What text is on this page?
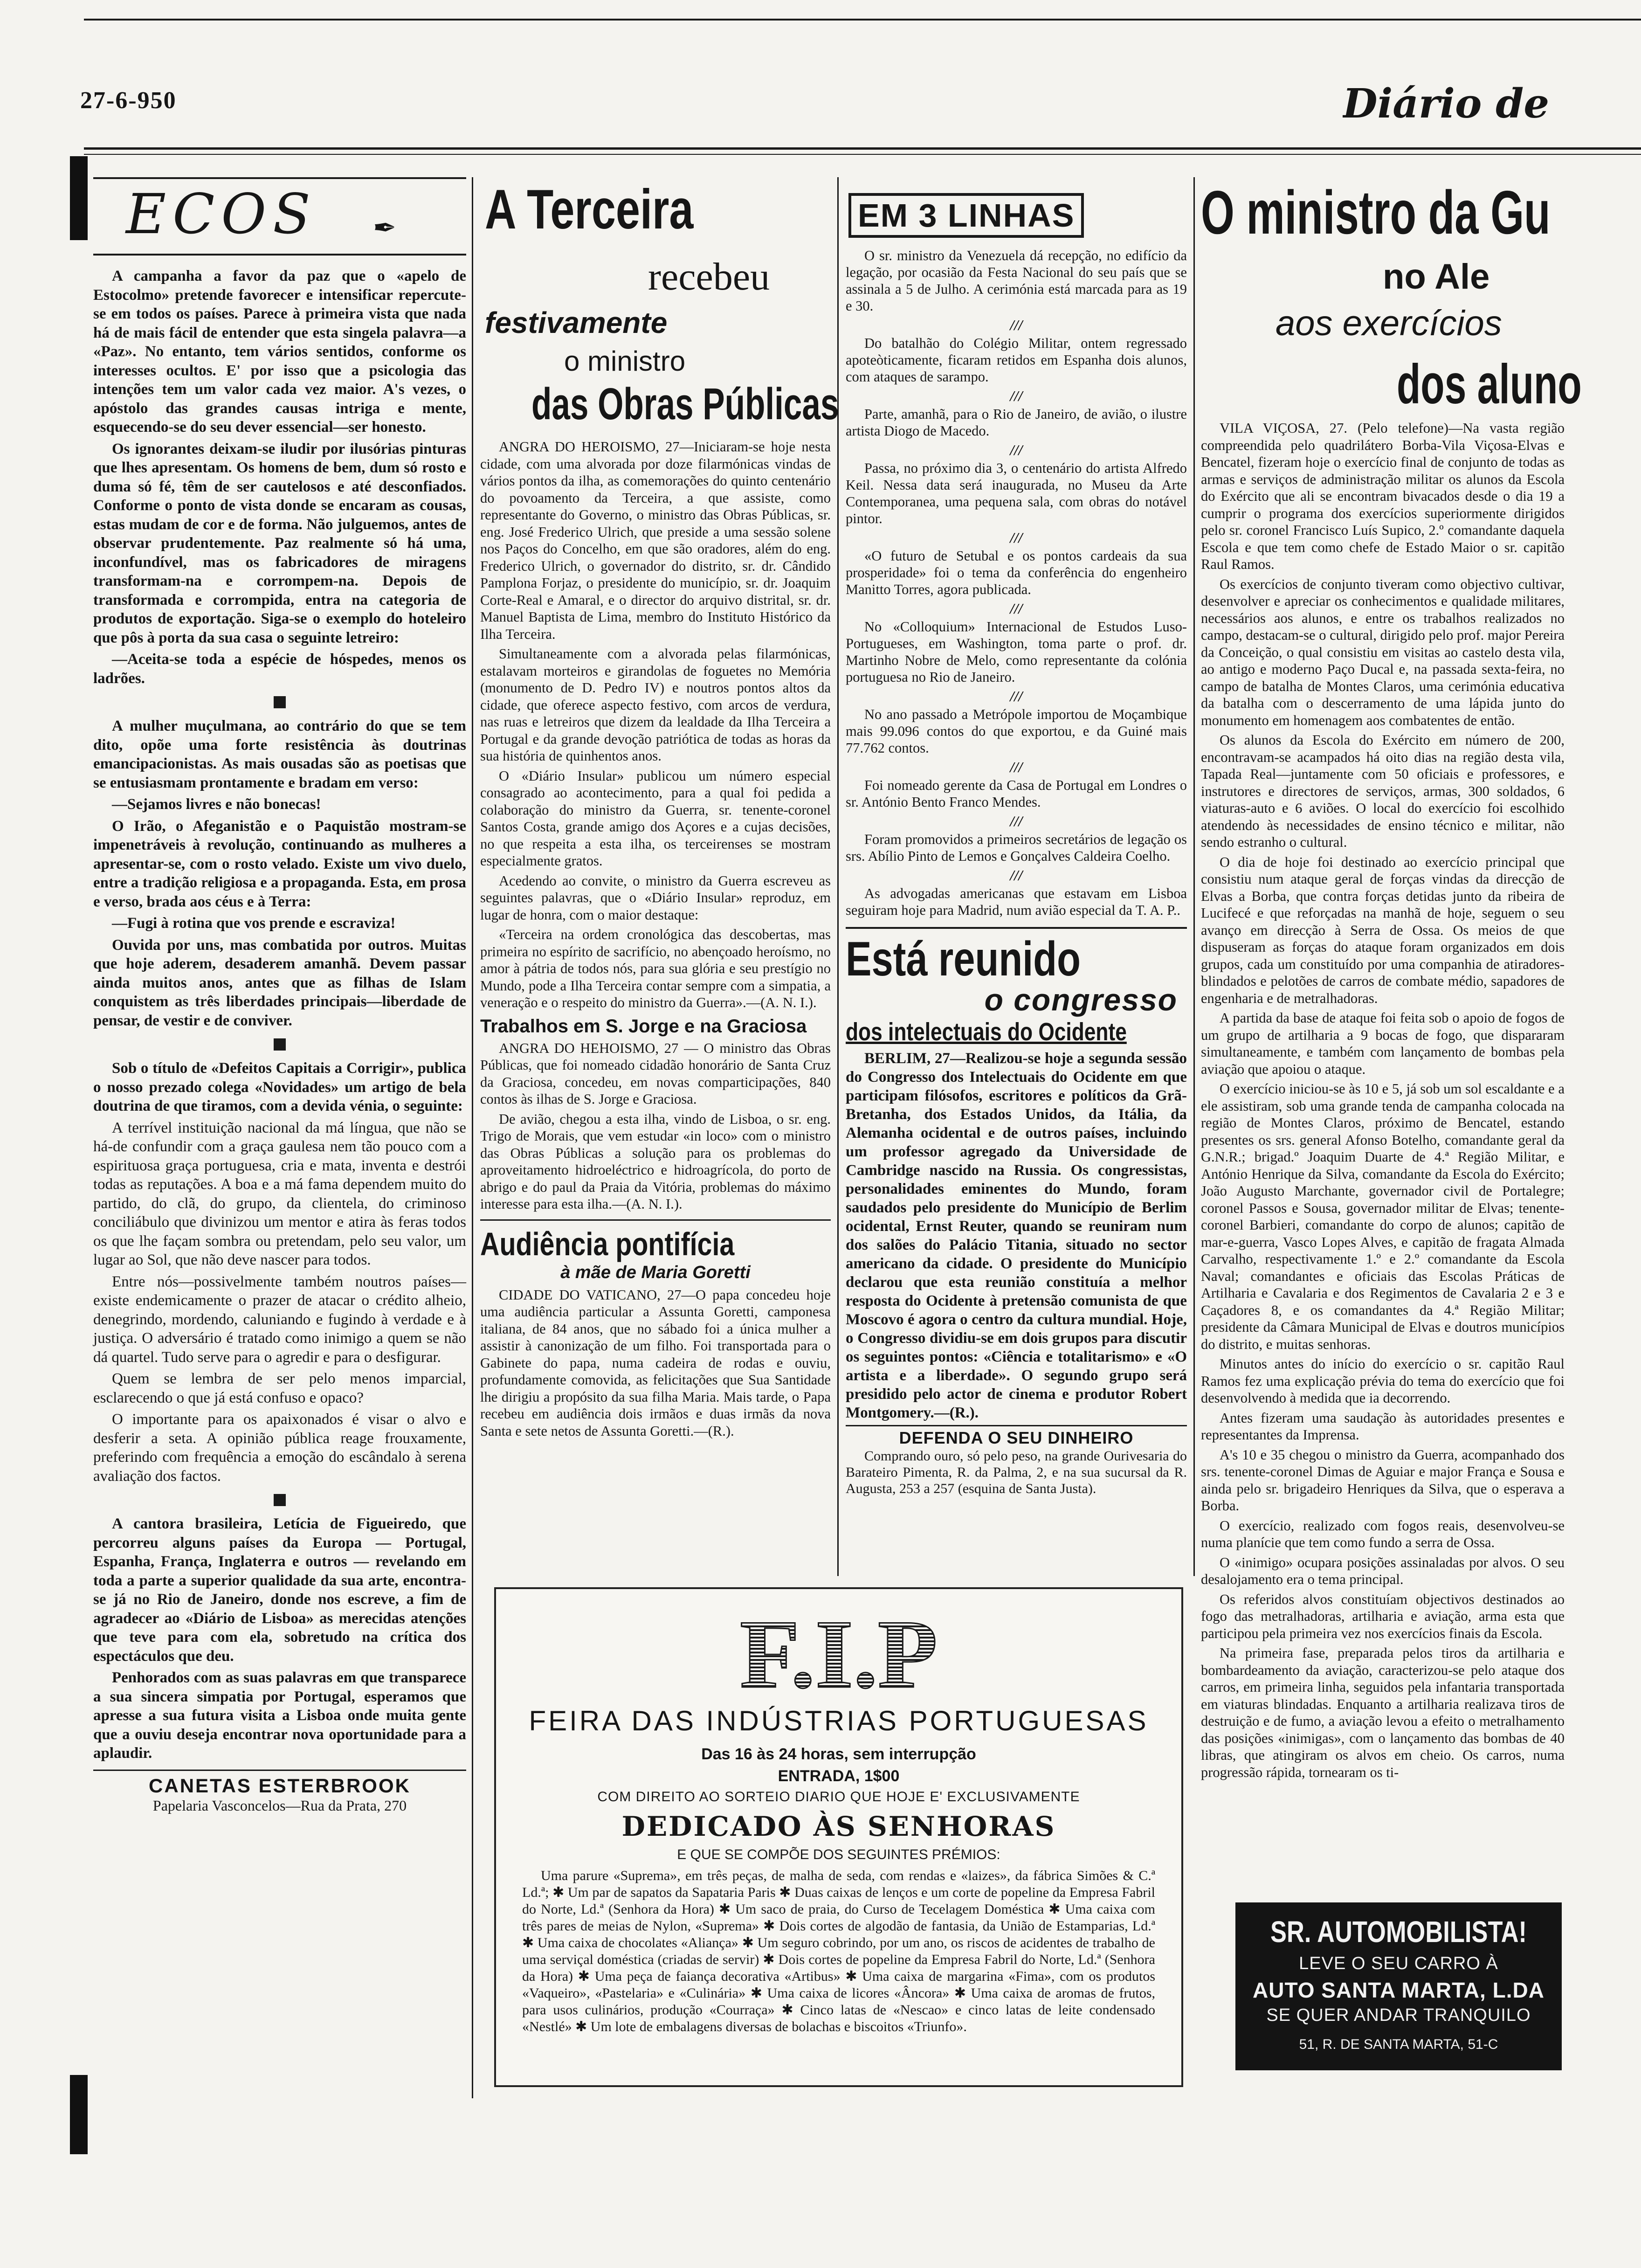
27-6-950	Diário de
ECOS ✒

A campanha a favor da paz que o «apelo de Estocolmo» pretende favorecer e intensificar repercute-se em todos os países. Parece à primeira vista que nada há de mais fácil de entender que esta singela palavra—a «Paz». No entanto, tem vários sentidos, conforme os interesses ocultos. E' por isso que a psicologia das intenções tem um valor cada vez maior. A's vezes, o apóstolo das grandes causas intriga e mente, esquecendo-se do seu dever essencial—ser honesto.

Os ignorantes deixam-se iludir por ilusórias pinturas que lhes apresentam. Os homens de bem, dum só rosto e duma só fé, têm de ser cautelosos e até desconfiados. Conforme o ponto de vista donde se encaram as cousas, estas mudam de cor e de forma. Não julguemos, antes de observar prudentemente. Paz realmente só há uma, inconfundível, mas os fabricadores de miragens transformam-na e corrompem-na. Depois de transformada e corrompida, entra na categoria de produtos de exportação. Siga-se o exemplo do hoteleiro que pôs à porta da sua casa o seguinte letreiro:

—Aceita-se toda a espécie de hóspedes, menos os ladrões.

A mulher muçulmana, ao contrário do que se tem dito, opõe uma forte resistência às doutrinas emancipacionistas. As mais ousadas são as poetisas que se entusiasmam prontamente e bradam em verso:

—Sejamos livres e não bonecas!

O Irão, o Afeganistão e o Paquistão mostram-se impenetráveis à revolução, continuando as mulheres a apresentar-se, com o rosto velado. Existe um vivo duelo, entre a tradição religiosa e a propaganda. Esta, em prosa e verso, brada aos céus e à Terra:

—Fugi à rotina que vos prende e escraviza!

Ouvida por uns, mas combatida por outros. Muitas que hoje aderem, desaderem amanhã. Devem passar ainda muitos anos, antes que as filhas de Islam conquistem as três liberdades principais—liberdade de pensar, de vestir e de conviver.

Sob o título de «Defeitos Capitais a Corrigir», publica o nosso prezado colega «Novidades» um artigo de bela doutrina de que tiramos, com a devida vénia, o seguinte:

A terrível instituição nacional da má língua, que não se há-de confundir com a graça gaulesa nem tão pouco com a espirituosa graça portuguesa, cria e mata, inventa e destrói todas as reputações. A boa e a má fama dependem muito do partido, do clã, do grupo, da clientela, do criminoso conciliábulo que divinizou um mentor e atira às feras todos os que lhe façam sombra ou pretendam, pelo seu valor, um lugar ao Sol, que não deve nascer para todos.

Entre nós—possivelmente também noutros países—existe endemicamente o prazer de atacar o crédito alheio, denegrindo, mordendo, caluniando e fugindo à verdade e à justiça. O adversário é tratado como inimigo a quem se não dá quartel. Tudo serve para o agredir e para o desfigurar.

Quem se lembra de ser pelo menos imparcial, esclarecendo o que já está confuso e opaco?

O importante para os apaixonados é visar o alvo e desferir a seta. A opinião pública reage frouxamente, preferindo com frequência a emoção do escândalo à serena avaliação dos factos.

A cantora brasileira, Letícia de Figueiredo, que percorreu alguns países da Europa — Portugal, Espanha, França, Inglaterra e outros — revelando em toda a parte a superior qualidade da sua arte, encontra-se já no Rio de Janeiro, donde nos escreve, a fim de agradecer ao «Diário de Lisboa» as merecidas atenções que teve para com ela, sobretudo na crítica dos espectáculos que deu.

Penhorados com as suas palavras em que transparece a sua sincera simpatia por Portugal, esperamos que apresse a sua futura visita a Lisboa onde muita gente que a ouviu deseja encontrar nova oportunidade para a aplaudir.

CANETAS ESTERBROOK
Papelaria Vasconcelos—Rua da Prata, 270
A Terceira
recebeu
festivamente
o ministro
das Obras Públicas

ANGRA DO HEROISMO, 27—Iniciaram-se hoje nesta cidade, com uma alvorada por doze filarmónicas vindas de vários pontos da ilha, as comemorações do quinto centenário do povoamento da Terceira, a que assiste, como representante do Governo, o ministro das Obras Públicas, sr. eng. José Frederico Ulrich, que preside a uma sessão solene nos Paços do Concelho, em que são oradores, além do eng. Frederico Ulrich, o governador do distrito, sr. dr. Cândido Pamplona Forjaz, o presidente do município, sr. dr. Joaquim Corte-Real e Amaral, e o director do arquivo distrital, sr. dr. Manuel Baptista de Lima, membro do Instituto Histórico da Ilha Terceira.

Simultaneamente com a alvorada pelas filarmónicas, estalavam morteiros e girandolas de foguetes no Memória (monumento de D. Pedro IV) e noutros pontos altos da cidade, que oferece aspecto festivo, com arcos de verdura, nas ruas e letreiros que dizem da lealdade da Ilha Terceira a Portugal e da grande devoção patriótica de todas as horas da sua história de quinhentos anos.

O «Diário Insular» publicou um número especial consagrado ao acontecimento, para a qual foi pedida a colaboração do ministro da Guerra, sr. tenente-coronel Santos Costa, grande amigo dos Açores e a cujas decisões, no que respeita a esta ilha, os terceirenses se mostram especialmente gratos.

Acedendo ao convite, o ministro da Guerra escreveu as seguintes palavras, que o «Diário Insular» reproduz, em lugar de honra, com o maior destaque:

«Terceira na ordem cronológica das descobertas, mas primeira no espírito de sacrifício, no abençoado heroísmo, no amor à pátria de todos nós, para sua glória e seu prestígio no Mundo, pode a Ilha Terceira contar sempre com a simpatia, a veneração e o respeito do ministro da Guerra».—(A. N. I.).

Trabalhos em S. Jorge e na Graciosa

ANGRA DO HEHOISMO, 27 — O ministro das Obras Públicas, que foi nomeado cidadão honorário de Santa Cruz da Graciosa, concedeu, em novas comparticipações, 840 contos às ilhas de S. Jorge e Graciosa.

De avião, chegou a esta ilha, vindo de Lisboa, o sr. eng. Trigo de Morais, que vem estudar «in loco» com o ministro das Obras Públicas a solução para os problemas do aproveitamento hidroeléctrico e hidroagrícola, do porto de abrigo e do paul da Praia da Vitória, problemas do máximo interesse para esta ilha.—(A. N. I.).

Audiência pontifícia
à mãe de Maria Goretti

CIDADE DO VATICANO, 27—O papa concedeu hoje uma audiência particular a Assunta Goretti, camponesa italiana, de 84 anos, que no sábado foi a única mulher a assistir à canonização de um filho. Foi transportada para o Gabinete do papa, numa cadeira de rodas e ouviu, profundamente comovida, as felicitações que Sua Santidade lhe dirigiu a propósito da sua filha Maria. Mais tarde, o Papa recebeu em audiência dois irmãos e duas irmãs da nova Santa e sete netos de Assunta Goretti.—(R.).

EM 3 LINHAS

O sr. ministro da Venezuela dá recepção, no edifício da legação, por ocasião da Festa Nacional do seu país que se assinala a 5 de Julho. A cerimónia está marcada para as 19 e 30.

///

Do batalhão do Colégio Militar, ontem regressado apoteòticamente, ficaram retidos em Espanha dois alunos, com ataques de sarampo.

///

Parte, amanhã, para o Rio de Janeiro, de avião, o ilustre artista Diogo de Macedo.

///

Passa, no próximo dia 3, o centenário do artista Alfredo Keil. Nessa data será inaugurada, no Museu da Arte Contemporanea, uma pequena sala, com obras do notável pintor.

///

«O futuro de Setubal e os pontos cardeais da sua prosperidade» foi o tema da conferência do engenheiro Manitto Torres, agora publicada.

///

No «Colloquium» Internacional de Estudos Luso-Portugueses, em Washington, toma parte o prof. dr. Martinho Nobre de Melo, como representante da colónia portuguesa no Rio de Janeiro.

///

No ano passado a Metrópole importou de Moçambique mais 99.096 contos do que exportou, e da Guiné mais 77.762 contos.

///

Foi nomeado gerente da Casa de Portugal em Londres o sr. António Bento Franco Mendes.

///

Foram promovidos a primeiros secretários de legação os srs. Abílio Pinto de Lemos e Gonçalves Caldeira Coelho.

///

As advogadas americanas que estavam em Lisboa seguiram hoje para Madrid, num avião especial da T. A. P..

Está reunido
o congresso
dos intelectuais do Ocidente

BERLIM, 27—Realizou-se hoje a segunda sessão do Congresso dos Intelectuais do Ocidente em que participam filósofos, escritores e políticos da Grã-Bretanha, dos Estados Unidos, da Itália, da Alemanha ocidental e de outros países, incluindo um professor agregado da Universidade de Cambridge nascido na Russia. Os congressistas, personalidades eminentes do Mundo, foram saudados pelo presidente do Município de Berlim ocidental, Ernst Reuter, quando se reuniram num dos salões do Palácio Titania, situado no sector americano da cidade. O presidente do Município declarou que esta reunião constituía a melhor resposta do Ocidente à pretensão comunista de que Moscovo é agora o centro da cultura mundial. Hoje, o Congresso dividiu-se em dois grupos para discutir os seguintes pontos: «Ciência e totalitarismo» e «O artista e a liberdade». O segundo grupo será presidido pelo actor de cinema e produtor Robert Montgomery.—(R.).

DEFENDA O SEU DINHEIRO

Comprando ouro, só pelo peso, na grande Ourivesaria do Barateiro Pimenta, R. da Palma, 2, e na sua sucursal da R. Augusta, 253 a 257 (esquina de Santa Justa).

O ministro da Gu
no Ale
aos exercícios
dos aluno

VILA VIÇOSA, 27. (Pelo telefone)—Na vasta região compreendida pelo quadrilátero Borba-Vila Viçosa-Elvas e Bencatel, fizeram hoje o exercício final de conjunto de todas as armas e serviços de administração militar os alunos da Escola do Exército que ali se encontram bivacados desde o dia 19 a cumprir o programa dos exercícios superiormente dirigidos pelo sr. coronel Francisco Luís Supico, 2.º comandante daquela Escola e que tem como chefe de Estado Maior o sr. capitão Raul Ramos.

Os exercícios de conjunto tiveram como objectivo cultivar, desenvolver e apreciar os conhecimentos e qualidade militares, necessários aos alunos, e entre os trabalhos realizados no campo, destacam-se o cultural, dirigido pelo prof. major Pereira da Conceição, o qual consistiu em visitas ao castelo desta vila, ao antigo e moderno Paço Ducal e, na passada sexta-feira, no campo de batalha de Montes Claros, uma cerimónia educativa da batalha com o descerramento de uma lápida junto do monumento em homenagem aos combatentes de então.

Os alunos da Escola do Exército em número de 200, encontravam-se acampados há oito dias na região desta vila, Tapada Real—juntamente com 50 oficiais e professores, e instrutores e directores de serviços, armas, 300 soldados, 6 viaturas-auto e 6 aviões. O local do exercício foi escolhido atendendo às necessidades de ensino técnico e militar, não sendo estranho o cultural.

O dia de hoje foi destinado ao exercício principal que consistiu num ataque geral de forças vindas da direcção de Elvas a Borba, que contra forças detidas junto da ribeira de Lucifecé e que reforçadas na manhã de hoje, seguem o seu avanço em direcção à Serra de Ossa. Os meios de que dispuseram as forças do ataque foram organizados em dois grupos, cada um constituído por uma companhia de atiradores-blindados e pelotões de carros de combate médio, sapadores de engenharia e de metralhadoras.

A partida da base de ataque foi feita sob o apoio de fogos de um grupo de artilharia a 9 bocas de fogo, que dispararam simultaneamente, e também com lançamento de bombas pela aviação que apoiou o ataque.

O exercício iniciou-se às 10 e 5, já sob um sol escaldante e a ele assistiram, sob uma grande tenda de campanha colocada na região de Montes Claros, próximo de Bencatel, estando presentes os srs. general Afonso Botelho, comandante geral da G.N.R.; brigad.º Joaquim Duarte de 4.ª Região Militar, e António Henrique da Silva, comandante da Escola do Exército; João Augusto Marchante, governador civil de Portalegre; coronel Passos e Sousa, governador militar de Elvas; tenente-coronel Barbieri, comandante do corpo de alunos; capitão de mar-e-guerra, Vasco Lopes Alves, e capitão de fragata Almada Carvalho, respectivamente 1.º e 2.º comandante da Escola Naval; comandantes e oficiais das Escolas Práticas de Artilharia e Cavalaria e dos Regimentos de Cavalaria 2 e 3 e Caçadores 8, e os comandantes da 4.ª Região Militar; presidente da Câmara Municipal de Elvas e doutros municípios do distrito, e muitas senhoras.

Minutos antes do início do exercício o sr. capitão Raul Ramos fez uma explicação prévia do tema do exercício que foi desenvolvendo à medida que ia decorrendo.

Antes fizeram uma saudação às autoridades presentes e representantes da Imprensa.

A's 10 e 35 chegou o ministro da Guerra, acompanhado dos srs. tenente-coronel Dimas de Aguiar e major França e Sousa e ainda pelo sr. brigadeiro Henriques da Silva, que o esperava a Borba.

O exercício, realizado com fogos reais, desenvolveu-se numa planície que tem como fundo a serra de Ossa.

O «inimigo» ocupara posições assinaladas por alvos. O seu desalojamento era o tema principal.

Os referidos alvos constituíam objectivos destinados ao fogo das metralhadoras, artilharia e aviação, arma esta que participou pela primeira vez nos exercícios finais da Escola.

Na primeira fase, preparada pelos tiros da artilharia e bombardeamento da aviação, caracterizou-se pelo ataque dos carros, em primeira linha, seguidos pela infantaria transportada em viaturas blindadas. Enquanto a artilharia realizava tiros de destruição e de fumo, a aviação levou a efeito o metralhamento das posições «inimigas», com o lançamento das bombas de 40 libras, que atingiram os alvos em cheio. Os carros, numa progressão rápida, tornearam os ti-

SR. AUTOMOBILISTA!
LEVE O SEU CARRO À
AUTO SANTA MARTA, L.DA
SE QUER ANDAR TRANQUILO
51, R. DE SANTA MARTA, 51-C
F.I.P
FEIRA DAS INDÚSTRIAS PORTUGUESAS
Das 16 às 24 horas, sem interrupção
ENTRADA, 1$00
COM DIREITO AO SORTEIO DIARIO QUE HOJE E' EXCLUSIVAMENTE
DEDICADO ÀS SENHORAS
E QUE SE COMPÕE DOS SEGUINTES PRÉMIOS:

Uma parure «Suprema», em três peças, de malha de seda, com rendas e «laizes», da fábrica Simões & C.ª Ld.ª; ✱ Um par de sapatos da Sapataria Paris ✱ Duas caixas de lenços e um corte de popeline da Empresa Fabril do Norte, Ld.ª (Senhora da Hora) ✱ Um saco de praia, do Curso de Tecelagem Doméstica ✱ Uma caixa com três pares de meias de Nylon, «Suprema» ✱ Dois cortes de algodão de fantasia, da União de Estamparias, Ld.ª ✱ Uma caixa de chocolates «Aliança» ✱ Um seguro cobrindo, por um ano, os riscos de acidentes de trabalho de uma serviçal doméstica (criadas de servir) ✱ Dois cortes de popeline da Empresa Fabril do Norte, Ld.ª (Senhora da Hora) ✱ Uma peça de faiança decorativa «Artibus» ✱ Uma caixa de margarina «Fima», com os produtos «Vaqueiro», «Pastelaria» e «Culinária» ✱ Uma caixa de licores «Âncora» ✱ Uma caixa de aromas de frutos, para usos culinários, produção «Courraça» ✱ Cinco latas de «Nescao» e cinco latas de leite condensado «Nestlé» ✱ Um lote de embalagens diversas de bolachas e biscoitos «Triunfo».
